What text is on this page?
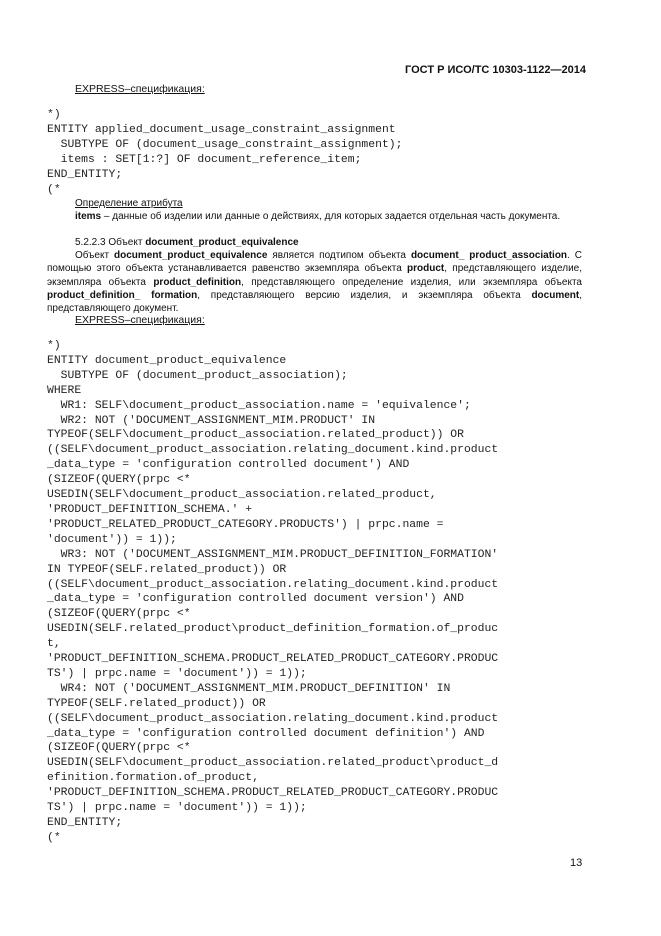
ГОСТ Р ИСО/ТС 10303-1122—2014
EXPRESS–спецификация:
*)
ENTITY applied_document_usage_constraint_assignment
SUBTYPE OF (document_usage_constraint_assignment);
items : SET[1:?] OF document_reference_item;
END_ENTITY;
(*

Определение атрибута

items – данные об изделии или данные о действиях, для которых задается отдельная часть документа.

5.2.2.3 Объект document_product_equivalence

Объект document_product_equivalence является подтипом объекта document_ product_association. С помощью этого объекта устанавливается равенство экземпляра объекта product, представляющего изделие, экземпляра объекта product_definition, представляющего определение изделия, или экземпляра объекта product_definition_ formation, представляющего версию изделия, и экземпляра объекта document, представляющего документ.

EXPRESS–спецификация:
*)
ENTITY document_product_equivalence
SUBTYPE OF (document_product_association);
WHERE
WR1: SELF\document_product_association.name = 'equivalence';
WR2: NOT ('DOCUMENT_ASSIGNMENT_MIM.PRODUCT' IN
TYPEOF(SELF\document_product_association.related_product)) OR
((SELF\document_product_association.relating_document.kind.product
_data_type = 'configuration controlled document') AND
(SIZEOF(QUERY(prpc <*
USEDIN(SELF\document_product_association.related_product,
'PRODUCT_DEFINITION_SCHEMA.' +
'PRODUCT_RELATED_PRODUCT_CATEGORY.PRODUCTS') | prpc.name =
'document')) = 1));
WR3: NOT ('DOCUMENT_ASSIGNMENT_MIM.PRODUCT_DEFINITION_FORMATION'
IN TYPEOF(SELF.related_product)) OR
((SELF\document_product_association.relating_document.kind.product
_data_type = 'configuration controlled document version') AND
(SIZEOF(QUERY(prpc <*
USEDIN(SELF.related_product\product_definition_formation.of_produc
t,
'PRODUCT_DEFINITION_SCHEMA.PRODUCT_RELATED_PRODUCT_CATEGORY.PRODUC
TS') | prpc.name = 'document')) = 1));
WR4: NOT ('DOCUMENT_ASSIGNMENT_MIM.PRODUCT_DEFINITION' IN
TYPEOF(SELF.related_product)) OR
((SELF\document_product_association.relating_document.kind.product
_data_type = 'configuration controlled document definition') AND
(SIZEOF(QUERY(prpc <*
USEDIN(SELF\document_product_association.related_product\product_d
efinition.formation.of_product,
'PRODUCT_DEFINITION_SCHEMA.PRODUCT_RELATED_PRODUCT_CATEGORY.PRODUC
TS') | prpc.name = 'document')) = 1));
END_ENTITY;
(*
13
